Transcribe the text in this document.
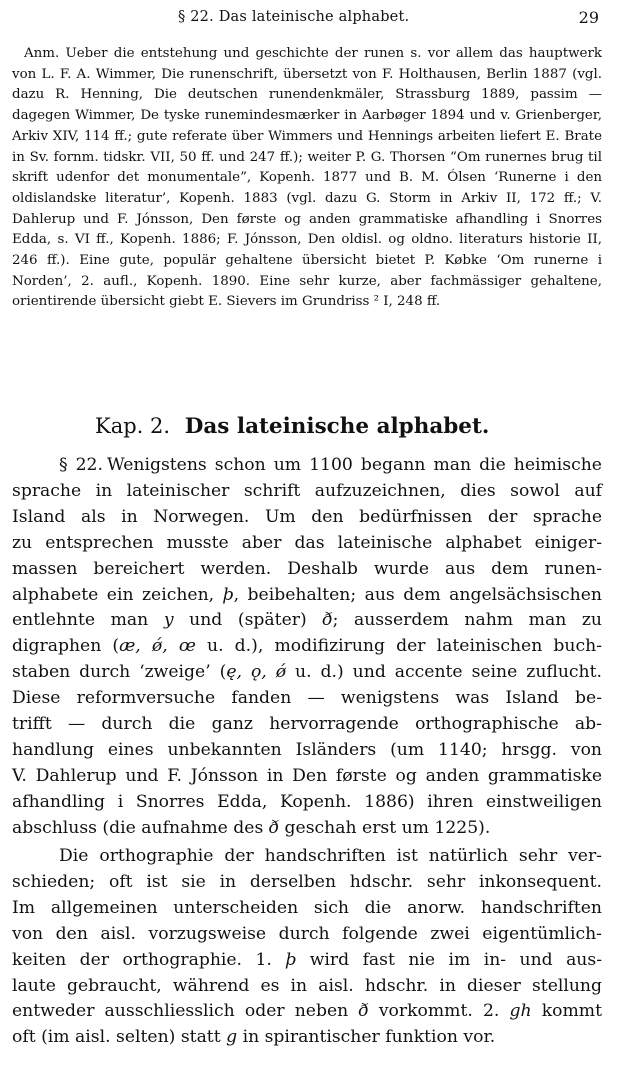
§ 22. Das lateinische alphabet.	29
Anm. Ueber die entstehung und geschichte der runen s. vor allem das hauptwerk von L. F. A. Wimmer, Die runenschrift, übersetzt von F. Holthausen, Berlin 1887 (vgl. dazu R. Henning, Die deutschen runendenkmäler, Strassburg 1889, passim — dagegen Wimmer, De tyske runemindesmærker in Aarbøger 1894 und v. Grienberger, Arkiv XIV, 114 ff.; gute referate über Wimmers und Hennings arbeiten liefert E. Brate in Sv. fornm. tidskr. VII, 50 ff. und 247 ff.); weiter P. G. Thorsen “Om runernes brug til skrift udenfor det monumentale”, Kopenh. 1877 und B. M. Ólsen ‘Runerne i den oldislandske literatur’, Kopenh. 1883 (vgl. dazu G. Storm in Arkiv II, 172 ff.; V. Dahlerup und F. Jónsson, Den første og anden grammatiske afhandling i Snorres Edda, s. VI ff., Kopenh. 1886; F. Jónsson, Den oldisl. og oldno. literaturs historie II, 246 ff.). Eine gute, populär gehaltene übersicht bietet P. Købke ‘Om runerne i Norden’, 2. aufl., Kopenh. 1890. Eine sehr kurze, aber fachmässiger gehaltene, orientirende übersicht giebt E. Sievers im Grundriss ² I, 248 ff.
Kap. 2. Das lateinische alphabet.
§ 22. Wenigstens schon um 1100 begann man die heimische
sprache in lateinischer schrift aufzuzeichnen, dies sowol auf
Island als in Norwegen. Um den bedürfnissen der sprache
zu entsprechen musste aber das lateinische alphabet einiger-
massen bereichert werden. Deshalb wurde aus dem runen-
alphabete ein zeichen, þ, beibehalten; aus dem angelsächsischen
entlehnte man y und (später) ð; ausserdem nahm man zu
digraphen (æ, ǿ, œ u. d.), modifizirung der lateinischen buch-
staben durch ‘zweige’ (ę, ǫ, ǿ u. d.) und accente seine zuflucht.
Diese reformversuche fanden — wenigstens was Island be-
trifft — durch die ganz hervorragende orthographische ab-
handlung eines unbekannten Isländers (um 1140; hrsgg. von
V. Dahlerup und F. Jónsson in Den første og anden grammatiske
afhandling i Snorres Edda, Kopenh. 1886) ihren einstweiligen
abschluss (die aufnahme des ð geschah erst um 1225).
Die orthographie der handschriften ist natürlich sehr ver-
schieden; oft ist sie in derselben hdschr. sehr inkonsequent.
Im allgemeinen unterscheiden sich die anorw. handschriften
von den aisl. vorzugsweise durch folgende zwei eigentümlich-
keiten der orthographie. 1. þ wird fast nie im in- und aus-
laute gebraucht, während es in aisl. hdschr. in dieser stellung
entweder ausschliesslich oder neben ð vorkommt. 2. gh kommt
oft (im aisl. selten) statt g in spirantischer funktion vor.
